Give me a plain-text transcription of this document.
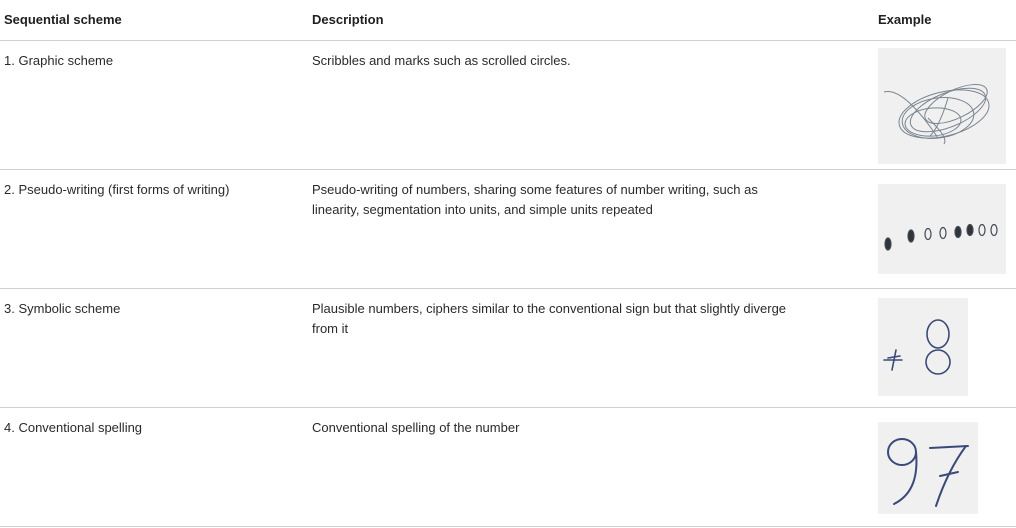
Sequential scheme	Description	Example
1. Graphic scheme	Scribbles and marks such as scrolled circles.
2. Pseudo-writing (first forms of writing)	Pseudo-writing of numbers, sharing some features of number writing, such as linearity, segmentation into units, and simple units repeated
3. Symbolic scheme	Plausible numbers, ciphers similar to the conventional sign but that slightly diverge from it
4. Conventional spelling	Conventional spelling of the number
